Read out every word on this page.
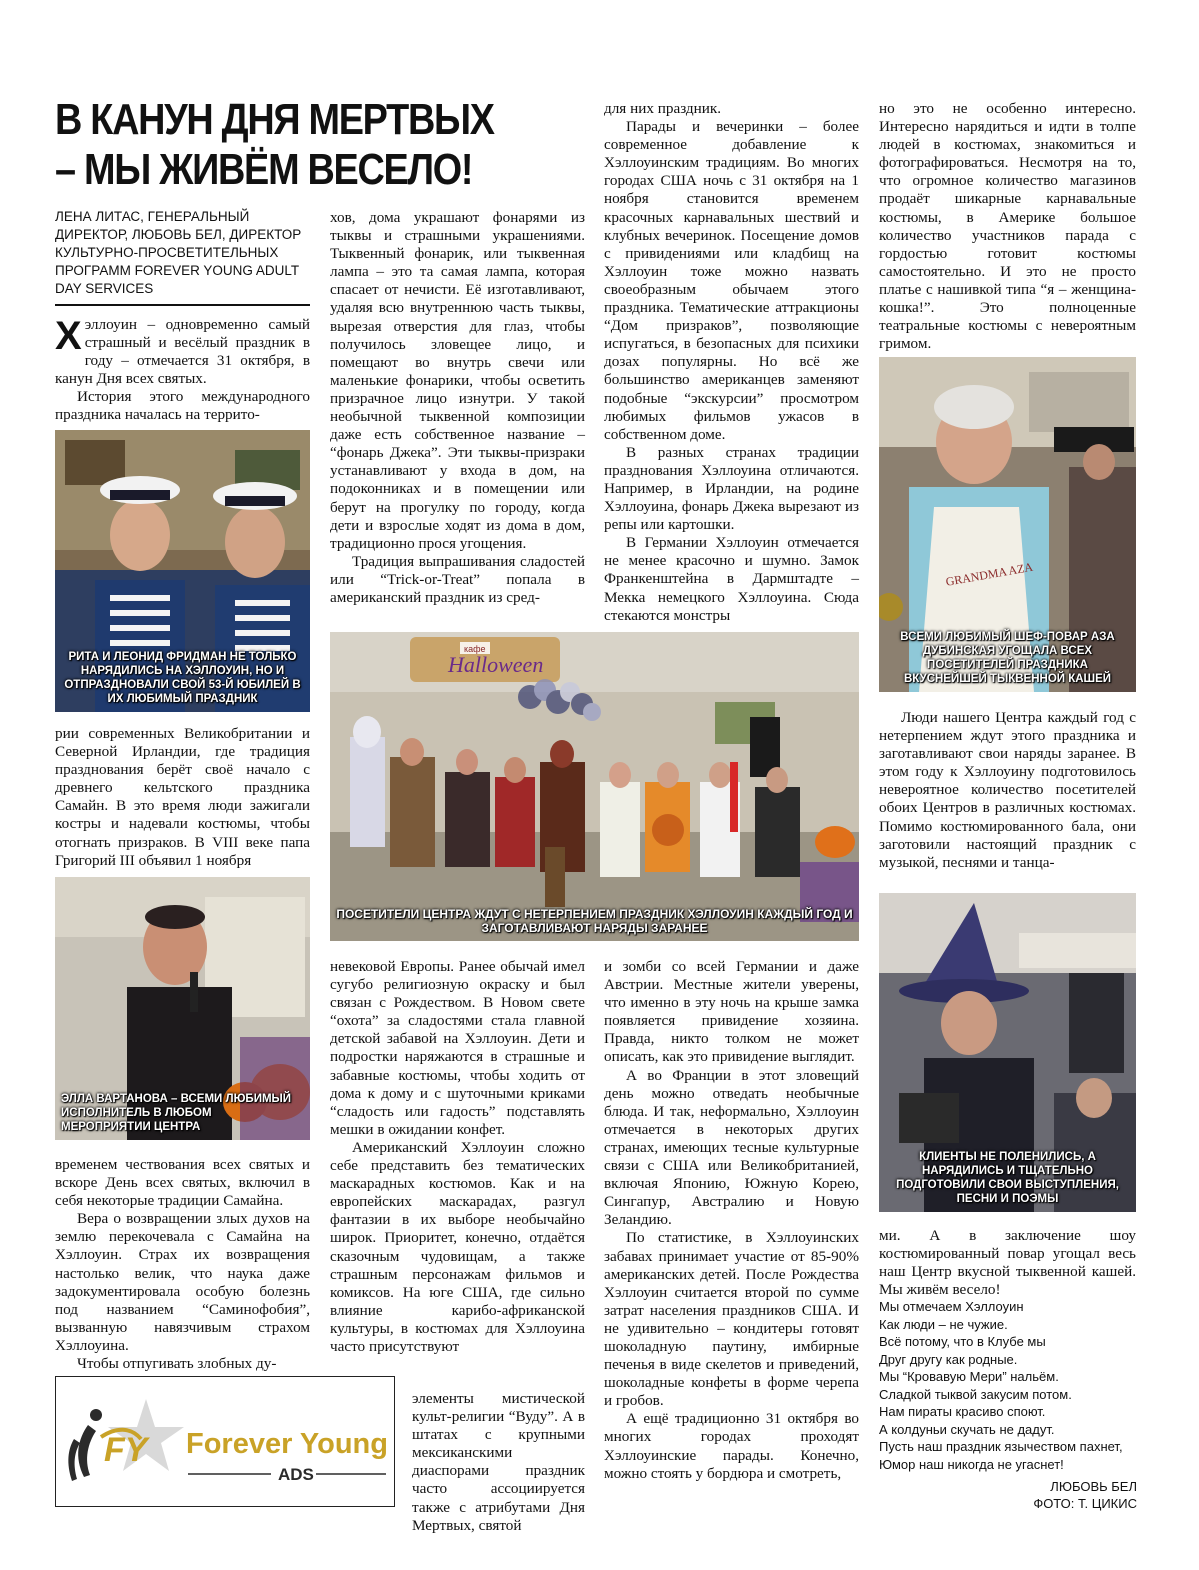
В КАНУН ДНЯ МЕРТВЫХ
– МЫ ЖИВЁМ ВЕСЕЛО!
ЛЕНА ЛИТАС, ГЕНЕРАЛЬНЫЙ ДИРЕКТОР, ЛЮБОВЬ БЕЛ, ДИРЕКТОР КУЛЬТУРНО-ПРОСВЕТИТЕЛЬНЫХ ПРОГРАММ FOREVER YOUNG ADULT DAY SERVICES

Хэллоуин – одновременно самый страшный и весёлый праздник в году – отмечается 31 октября, в канун Дня всех святых.

История этого международного праздника началась на террито-

РИТА И ЛЕОНИД ФРИДМАН НЕ ТОЛЬКО НАРЯДИЛИСЬ НА ХЭЛЛОУИН, НО И ОТПРАЗДНОВАЛИ СВОЙ 53-Й ЮБИЛЕЙ В ИХ ЛЮБИМЫЙ ПРАЗДНИК

рии современных Великобритании и Северной Ирландии, где традиция празднования берёт своё начало с древнего кельтского праздника Самайн. В это время люди зажигали костры и надевали костюмы, чтобы отогнать призраков. В VIII веке папа Григорий III объявил 1 ноября

ЭЛЛА ВАРТАНОВА – ВСЕМИ ЛЮБИМЫЙ ИСПОЛНИТЕЛЬ В ЛЮБОМ МЕРОПРИЯТИИ ЦЕНТРА

временем чествования всех святых и вскоре День всех святых, включил в себя некоторые традиции Самайна.

Вера о возвращении злых духов на землю перекочевала с Самайна на Хэллоуин. Страх их возвращения настолько велик, что наука даже задокументировала особую болезнь под названием “Саминофобия”, вызванную навязчивым страхом Хэллоуина.

Чтобы отпугивать злобных ду-

хов, дома украшают фонарями из тыквы и страшными украшениями. Тыквенный фонарик, или тыквенная лампа – это та самая лампа, которая спасает от нечисти. Её изготавливают, удаляя всю внутреннюю часть тыквы, вырезая отверстия для глаз, чтобы получилось зловещее лицо, и помещают во внутрь свечи или маленькие фонарики, чтобы осветить призрачное лицо изнутри. У такой необычной тыквенной композиции даже есть собственное название – “фонарь Джека”. Эти тыквы-призраки устанавливают у входа в дом, на подоконниках и в помещении или берут на прогулку по городу, когда дети и взрослые ходят из дома в дом, традиционно прося угощения.

Традиция выпрашивания сладостей или “Trick-or-Treat” попала в американский праздник из сред-

невековой Европы. Ранее обычай имел сугубо религиозную окраску и был связан с Рождеством. В Новом свете “охота” за сладостями стала главной детской забавой на Хэллоуин. Дети и подростки наряжаются в страшные и забавные костюмы, чтобы ходить от дома к дому и с шуточными криками “сладость или гадость” подставлять мешки в ожидании конфет.

Американский Хэллоуин сложно себе представить без тематических маскарадных костюмов. Как и на европейских маскарадах, разгул фантазии в их выборе необычайно широк. Приоритет, конечно, отдаётся сказочным чудовищам, а также страшным персонажам фильмов и комиксов. На юге США, где сильно влияние карибо-африканской культуры, в костюмах для Хэллоуина часто присутствуют

элементы мистической культ-религии “Вуду”. А в штатах с крупными мексиканскими диаспорами праздник часто ассоциируется также с атрибутами Дня Мертвых, святой

для них праздник.

Парады и вечеринки – более современное добавление к Хэллоуинским традициям. Во многих городах США ночь с 31 октября на 1 ноября становится временем красочных карнавальных шествий и клубных вечеринок. Посещение домов с привидениями или кладбищ на Хэллоуин тоже можно назвать своеобразным обычаем этого праздника. Тематические аттракционы “Дом призраков”, позволяющие испугаться, в безопасных для психики дозах популярны. Но всё же большинство американцев заменяют подобные “экскурсии” просмотром любимых фильмов ужасов в собственном доме.

В разных странах традиции празднования Хэллоуина отличаются. Например, в Ирландии, на родине Хэллоуина, фонарь Джека вырезают из репы или картошки.

В Германии Хэллоуин отмечается не менее красочно и шумно. Замок Франкенштейна в Дармштадте – Мекка немецкого Хэллоуина. Сюда стекаются монстры

и зомби со всей Германии и даже Австрии. Местные жители уверены, что именно в эту ночь на крыше замка появляется привидение хозяина. Правда, никто толком не может описать, как это привидение выглядит.

А во Франции в этот зловещий день можно отведать необычные блюда. И так, неформально, Хэллоуин отмечается в некоторых других странах, имеющих тесные культурные связи с США или Великобританией, включая Японию, Южную Корею, Сингапур, Австралию и Новую Зеландию.

По статистике, в Хэллоуинских забавах принимает участие от 85-90% американских детей. После Рождества Хэллоуин считается второй по сумме затрат населения праздников США. И не удивительно – кондитеры готовят шоколадную паутину, имбирные печенья в виде скелетов и приведений, шоколадные конфеты в форме черепа и гробов.

А ещё традиционно 31 октября во многих городах проходят Хэллоуинские парады. Конечно, можно стоять у бордюра и смотреть,

кафе
Halloween
ПОСЕТИТЕЛИ ЦЕНТРА ЖДУТ С НЕТЕРПЕНИЕМ ПРАЗДНИК ХЭЛЛОУИН КАЖДЫЙ ГОД И ЗАГОТАВЛИВАЮТ НАРЯДЫ ЗАРАНЕЕ

но это не особенно интересно. Интересно нарядиться и идти в толпе людей в костюмах, знакомиться и фотографироваться. Несмотря на то, что огромное количество магазинов продаёт шикарные карнавальные костюмы, в Америке большое количество участников парада с гордостью готовит костюмы самостоятельно. И это не просто платье с нашивкой типа “я – женщина-кошка!”. Это полноценные театральные костюмы с невероятным гримом.

GRANDMA AZA
ВСЕМИ ЛЮБИМЫЙ ШЕФ-ПОВАР АЗА ДУБИНСКАЯ УГОЩАЛА ВСЕХ ПОСЕТИТЕЛЕЙ ПРАЗДНИКА ВКУСНЕЙШЕЙ ТЫКВЕННОЙ КАШЕЙ

Люди нашего Центра каждый год с нетерпением ждут этого праздника и заготавливают свои наряды заранее. В этом году к Хэллоуину подготовилось невероятное количество посетителей обоих Центров в различных костюмах. Помимо костюмированного бала, они заготовили настоящий праздник с музыкой, песнями и танца-

КЛИЕНТЫ НЕ ПОЛЕНИЛИСЬ, А НАРЯДИЛИСЬ И ТЩАТЕЛЬНО ПОДГОТОВИЛИ СВОИ ВЫСТУПЛЕНИЯ, ПЕСНИ И ПОЭМЫ

ми. А в заключение шоу костюмированный повар угощал весь наш Центр вкусной тыквенной кашей. Мы живём весело!

Мы отмечаем Хэллоуин
Как люди – не чужие.
Всё потому, что в Клубе мы
Друг другу как родные.
Мы “Кровавую Мери” нальём.
Сладкой тыквой закусим потом.
Нам пираты красиво споют.
А колдуньи скучать не дадут.
Пусть наш праздник язычеством пахнет,
Юмор наш никогда не угаснет!
ЛЮБОВЬ БЕЛ
ФОТО: Т. ЦИКИС
FY Forever Young
ADS
